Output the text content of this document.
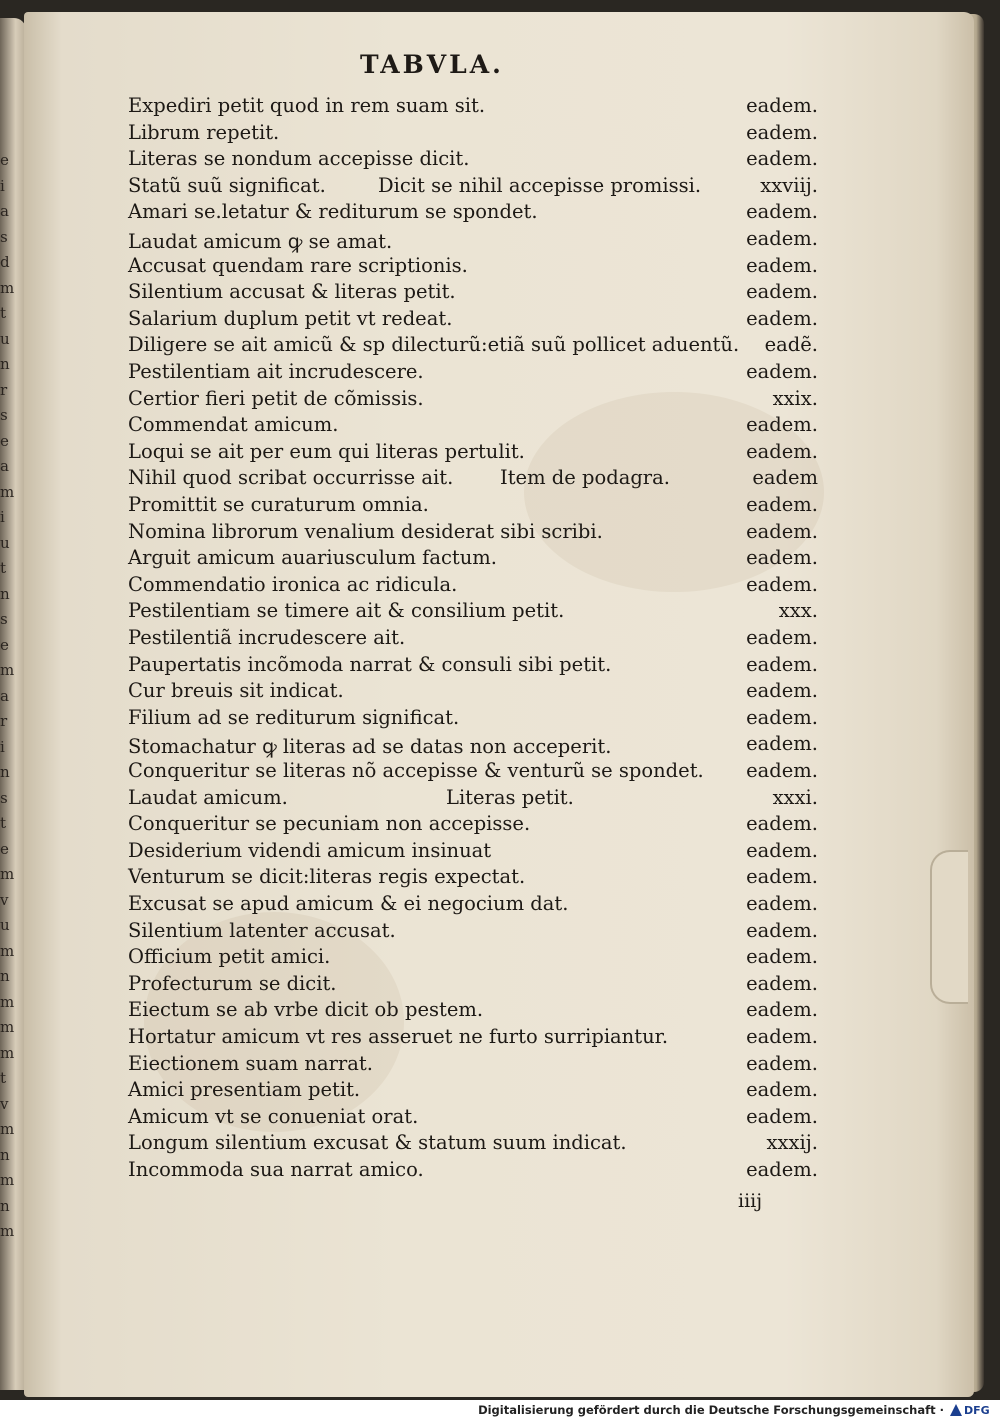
e
i
a
s
d
m
t
u
n
r
s
e
a
m
i
u
t
n
s
e
m
a
r
i
n
s
t
e
m
v
u
m
n
m
m
m
t
v
m
n
m
n
m
TABVLA.
Expediri petit quod in rem suam sit.	eadem.
Librum repetit.	eadem.
Literas se nondum accepisse dicit.	eadem.
Statũ suũ significat.	Dicit se nihil accepisse promissi.	xxviij.
Amari se.letatur & rediturum se spondet.	eadem.
Laudat amicum ꝙ se amat.	eadem.
Accusat quendam rare scriptionis.	eadem.
Silentium accusat & literas petit.	eadem.
Salarium duplum petit vt redeat.	eadem.
Diligere se ait amicũ & sp dilecturũ:etiã suũ pollicet aduentũ. eadẽ.
Pestilentiam ait incrudescere.	eadem.
Certior fieri petit de cõmissis.	xxix.
Commendat amicum.	eadem.
Loqui se ait per eum qui literas pertulit.	eadem.
Nihil quod scribat occurrisse ait. Item de podagra.	eadem
Promittit se curaturum omnia.	eadem.
Nomina librorum venalium desiderat sibi scribi.	eadem.
Arguit amicum auariusculum factum.	eadem.
Commendatio ironica ac ridicula.	eadem.
Pestilentiam se timere ait & consilium petit.	xxx.
Pestilentiã incrudescere ait.	eadem.
Paupertatis incõmoda narrat & consuli sibi petit.	eadem.
Cur breuis sit indicat.	eadem.
Filium ad se rediturum significat.	eadem.
Stomachatur ꝙ literas ad se datas non acceperit.	eadem.
Conqueritur se literas nõ accepisse & venturũ se spondet. eadem.
Laudat amicum.	Literas petit.	xxxi.
Conqueritur se pecuniam non accepisse.	eadem.
Desiderium videndi amicum insinuat	eadem.
Venturum se dicit:literas regis expectat.	eadem.
Excusat se apud amicum & ei negocium dat.	eadem.
Silentium latenter accusat.	eadem.
Officium petit amici.	eadem.
Profecturum se dicit.	eadem.
Eiectum se ab vrbe dicit ob pestem.	eadem.
Hortatur amicum vt res asseruet ne furto surripiantur.	eadem.
Eiectionem suam narrat.	eadem.
Amici presentiam petit.	eadem.
Amicum vt se conueniat orat.	eadem.
Longum silentium excusat & statum suum indicat.	xxxij.
Incommoda sua narrat amico.	eadem.
iiij
Digitalisierung gefördert durch die Deutsche Forschungsgemeinschaft · DFG
